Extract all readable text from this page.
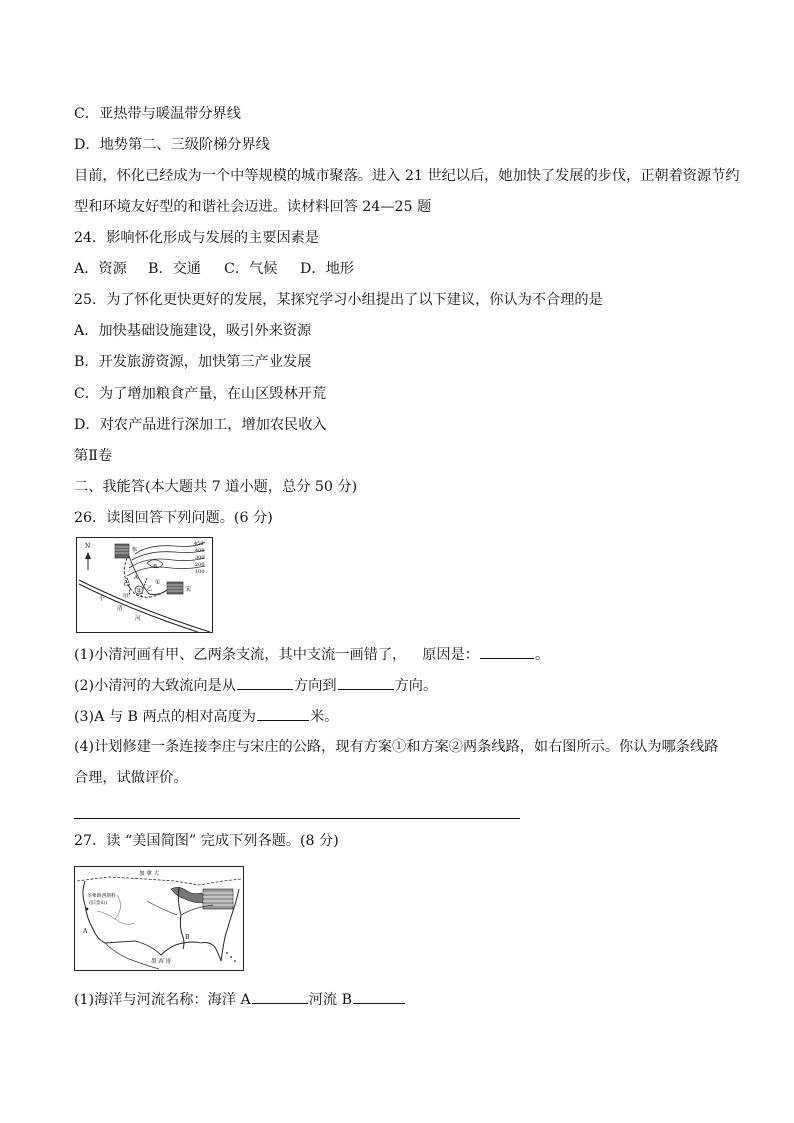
C．亚热带与暖温带分界线
D．地势第二、三级阶梯分界线
目前，怀化已经成为一个中等规模的城市聚落。进入 21 世纪以后，她加快了发展的步伐，正朝着资源节约
型和环境友好型的和谐社会迈进。读材料回答 24—25 题
24．影响怀化形成与发展的主要因素是
A．资源 B．交通 C．气候 D．地形
25．为了怀化更快更好的发展，某探究学习小组提出了以下建议，你认为不合理的是
A．加快基础设施建设，吸引外来资源
B．开发旅游资源，加快第三产业发展
C．为了增加粮食产量，在山区毁林开荒
D．对农产品进行深加工，增加农民收入
第Ⅱ卷
二、我能答(本大题共 7 道小题，总分 50 分)
26．读图回答下列问题。(6 分)
N	450
400
300
200
100
李
宋
A
B
C
甲
乙
小
清
河
②
①
(1)小清河画有甲、乙两条支流，其中支流一画错了， 原因是：	。
(2)小清河的大致流向是从	方向到	方向。
(3)A 与 B 两点的相对高度为	米。
(4)计划修建一条连接李庄与宋庄的公路，现有方案①和方案②两条线路，如右图所示。你认为哪条线路
合理，试做评价。
27．读 “美国简图” 完成下列各题。(8 分)
加 拿 大
圣弗朗西斯科
(旧金山)
A
B
墨 西 哥
(1)海洋与河流名称：海洋 A	河流 B
